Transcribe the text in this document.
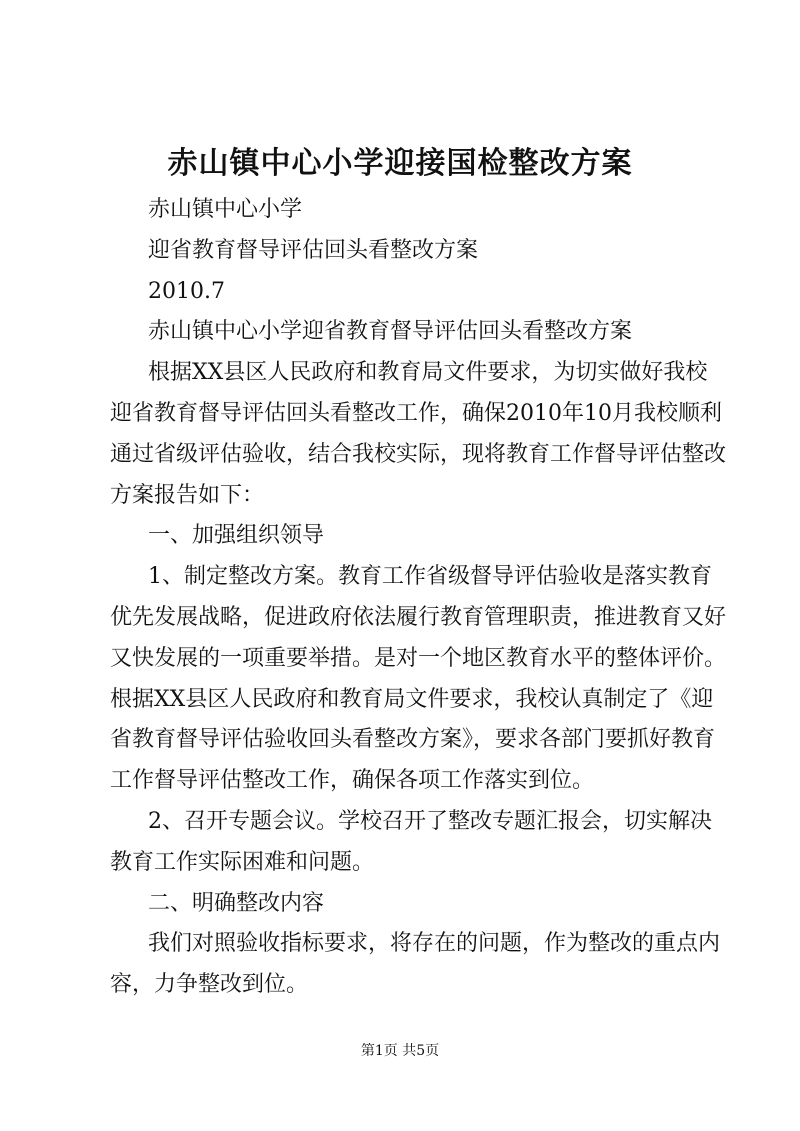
赤山镇中心小学迎接国检整改方案
赤山镇中心小学
迎省教育督导评估回头看整改方案
2010.7
赤山镇中心小学迎省教育督导评估回头看整改方案
根据XX县区人民政府和教育局文件要求，为切实做好我校
迎省教育督导评估回头看整改工作，确保2010年10月我校顺利
通过省级评估验收，结合我校实际，现将教育工作督导评估整改
方案报告如下：
一、加强组织领导
1、制定整改方案。教育工作省级督导评估验收是落实教育
优先发展战略，促进政府依法履行教育管理职责，推进教育又好
又快发展的一项重要举措。是对一个地区教育水平的整体评价。
根据XX县区人民政府和教育局文件要求，我校认真制定了《迎
省教育督导评估验收回头看整改方案》，要求各部门要抓好教育
工作督导评估整改工作，确保各项工作落实到位。
2、召开专题会议。学校召开了整改专题汇报会，切实解决
教育工作实际困难和问题。
二、明确整改内容
我们对照验收指标要求，将存在的问题，作为整改的重点内
容，力争整改到位。
第1页 共5页
